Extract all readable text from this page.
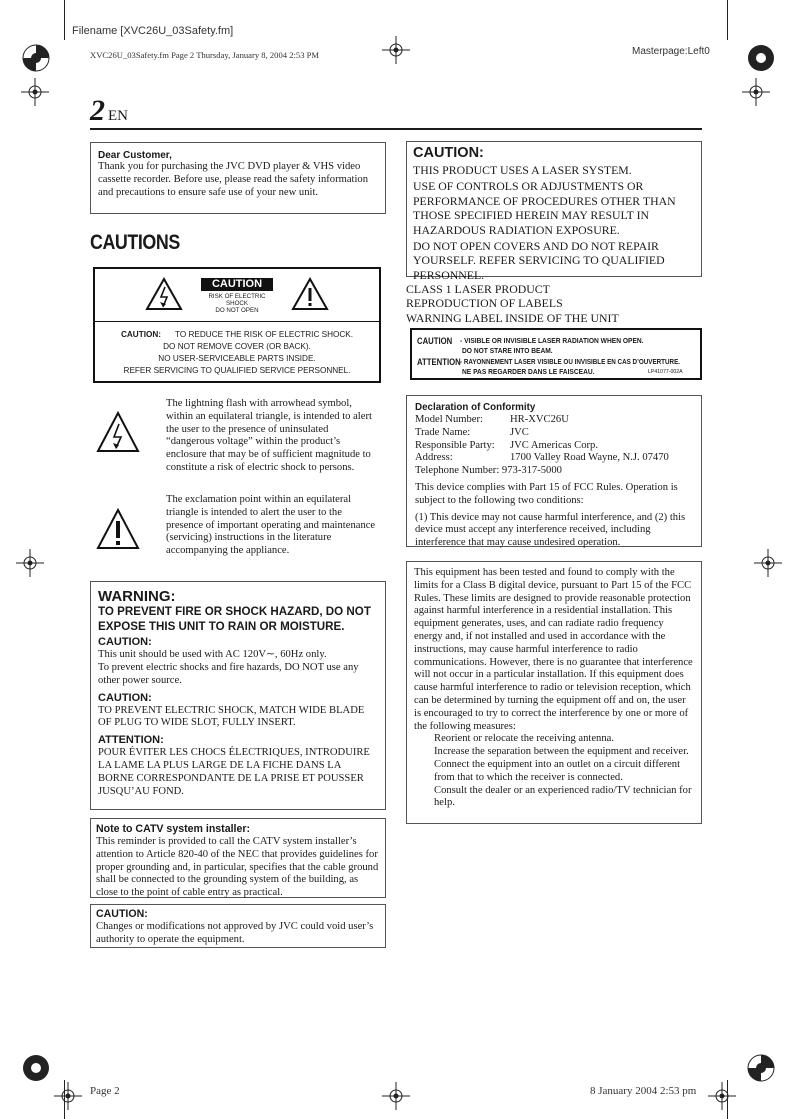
Filename [XVC26U_03Safety.fm]
XVC26U_03Safety.fm Page 2 Thursday, January 8, 2004 2:53 PM	Masterpage:Left0
2 EN
Dear Customer,
Thank you for purchasing the JVC DVD player & VHS video cassette recorder. Before use, please read the safety information and precautions to ensure safe use of your new unit.
CAUTIONS
CAUTION
RISK OF ELECTRIC SHOCK
DO NOT OPEN
CAUTION: TO REDUCE THE RISK OF ELECTRIC SHOCK.
DO NOT REMOVE COVER (OR BACK).
NO USER-SERVICEABLE PARTS INSIDE.
REFER SERVICING TO QUALIFIED SERVICE PERSONNEL.
The lightning flash with arrowhead symbol, within an equilateral triangle, is intended to alert the user to the presence of uninsulated “dangerous voltage” within the product’s enclosure that may be of sufficient magnitude to constitute a risk of electric shock to persons.
The exclamation point within an equilateral triangle is intended to alert the user to the presence of important operating and maintenance (servicing) instructions in the literature accompanying the appliance.
WARNING:
TO PREVENT FIRE OR SHOCK HAZARD, DO NOT EXPOSE THIS UNIT TO RAIN OR MOISTURE.
CAUTION:
This unit should be used with AC 120V∼, 60Hz only.
To prevent electric shocks and fire hazards, DO NOT use any other power source.
CAUTION:
TO PREVENT ELECTRIC SHOCK, MATCH WIDE BLADE OF PLUG TO WIDE SLOT, FULLY INSERT.
ATTENTION:
POUR ÉVITER LES CHOCS ÉLECTRIQUES, INTRODUIRE LA LAME LA PLUS LARGE DE LA FICHE DANS LA BORNE CORRESPONDANTE DE LA PRISE ET POUSSER JUSQU’AU FOND.
Note to CATV system installer:
This reminder is provided to call the CATV system installer’s attention to Article 820-40 of the NEC that provides guidelines for proper grounding and, in particular, specifies that the cable ground shall be connected to the grounding system of the building, as close to the point of cable entry as practical.
CAUTION:
Changes or modifications not approved by JVC could void user’s authority to operate the equipment.
CAUTION:

THIS PRODUCT USES A LASER SYSTEM.

USE OF CONTROLS OR ADJUSTMENTS OR PERFORMANCE OF PROCEDURES OTHER THAN THOSE SPECIFIED HEREIN MAY RESULT IN HAZARDOUS RADIATION EXPOSURE.

DO NOT OPEN COVERS AND DO NOT REPAIR YOURSELF. REFER SERVICING TO QUALIFIED PERSONNEL.

CLASS 1 LASER PRODUCT
REPRODUCTION OF LABELS
WARNING LABEL INSIDE OF THE UNIT
CAUTION - VISIBLE OR INVISIBLE LASER RADIATION WHEN OPEN.
DO NOT STARE INTO BEAM.
ATTENTION - RAYONNEMENT LASER VISIBLE OU INVISIBLE EN CAS D’OUVERTURE.
NE PAS REGARDER DANS LE FAISCEAU.	LP41077-002A
Declaration of Conformity
Model Number:	HR-XVC26U
Trade Name:	JVC
Responsible Party:	JVC Americas Corp.
Address:	1700 Valley Road Wayne, N.J. 07470
Telephone Number: 973-317-5000
This device complies with Part 15 of FCC Rules. Operation is subject to the following two conditions:
(1) This device may not cause harmful interference, and (2) this device must accept any interference received, including interference that may cause undesired operation.
This equipment has been tested and found to comply with the limits for a Class B digital device, pursuant to Part 15 of the FCC Rules. These limits are designed to provide reasonable protection against harmful interference in a residential installation. This equipment generates, uses, and can radiate radio frequency energy and, if not installed and used in accordance with the instructions, may cause harmful interference to radio communications. However, there is no guarantee that interference will not occur in a particular installation. If this equipment does cause harmful interference to radio or television reception, which can be determined by turning the equipment off and on, the user is encouraged to try to correct the interference by one or more of the following measures:
Reorient or relocate the receiving antenna.
Increase the separation between the equipment and receiver.
Connect the equipment into an outlet on a circuit different from that to which the receiver is connected.
Consult the dealer or an experienced radio/TV technician for help.
Page 2	8 January 2004 2:53 pm
